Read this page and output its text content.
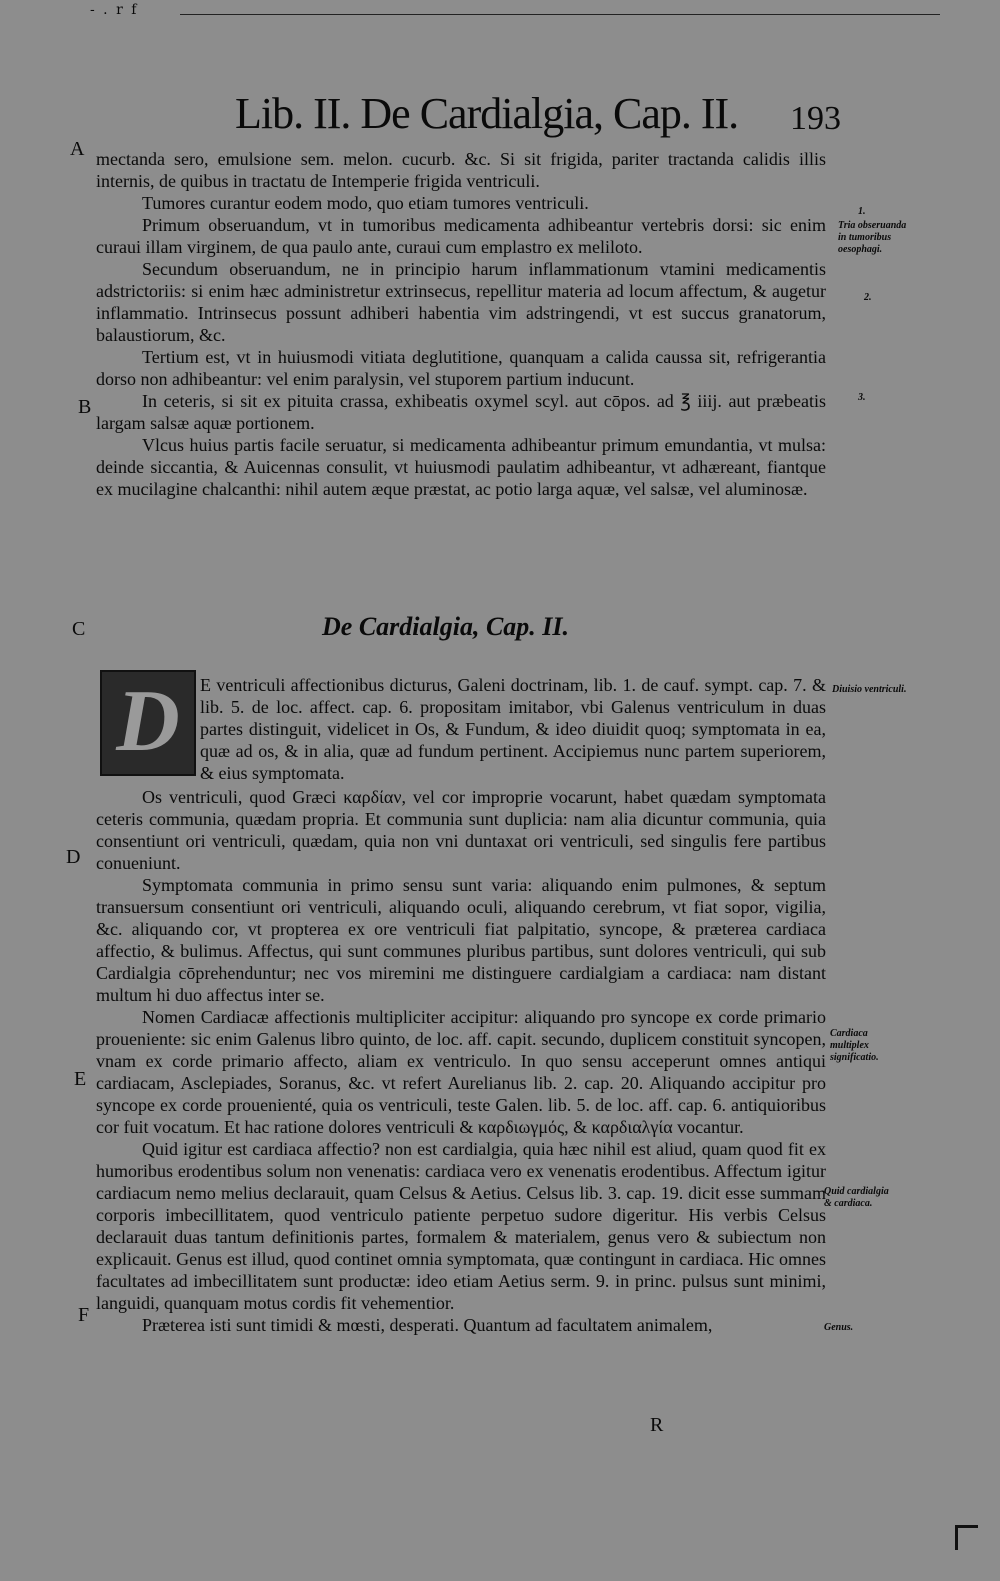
- . r f
Lib. II. De Cardialgia, Cap. II. 193
A
B
C
D
E
F
1.
Tria obseruanda in tumoribus oesophagi.
2.
3.
Diuisio ventriculi.
Cardiaca multiplex significatio.
Quid cardialgia & cardiaca.
Genus.

mectanda sero, emulsione sem. melon. cucurb. &c. Si sit frigida, pariter tractanda calidis illis internis, de quibus in tractatu de Intemperie frigida ventriculi.

Tumores curantur eodem modo, quo etiam tumores ventriculi.

Primum obseruandum, vt in tumoribus medicamenta adhibeantur vertebris dorsi: sic enim curaui illam virginem, de qua paulo ante, curaui cum emplastro ex meliloto.

Secundum obseruandum, ne in principio harum inflammationum vtamini medicamentis adstrictoriis: si enim hæc administretur extrinsecus, repellitur materia ad locum affectum, & augetur inflammatio. Intrinsecus possunt adhiberi habentia vim adstringendi, vt est succus granatorum, balaustiorum, &c.

Tertium est, vt in huiusmodi vitiata deglutitione, quanquam a calida caussa sit, refrigerantia dorso non adhibeantur: vel enim paralysin, vel stuporem partium inducunt.

In ceteris, si sit ex pituita crassa, exhibeatis oxymel scyl. aut cōpos. ad ℥ iiij. aut præbeatis largam salsæ aquæ portionem.

Vlcus huius partis facile seruatur, si medicamenta adhibeantur primum emundantia, vt mulsa: deinde siccantia, & Auicennas consulit, vt huiusmodi paulatim adhibeantur, vt adhæreant, fiantque ex mucilagine chalcanthi: nihil autem æque præstat, ac potio larga aquæ, vel salsæ, vel aluminosæ.

De Cardialgia, Cap. II.
D	E ventriculi affectionibus dicturus, Galeni doctrinam, lib. 1. de cauf. sympt. cap. 7. & lib. 5. de loc. affect. cap. 6. propositam imitabor, vbi Galenus ventriculum in duas partes distinguit, videlicet in Os, & Fundum, & ideo diuidit quoq; symptomata in ea, quæ ad os, & in alia, quæ ad fundum pertinent. Accipiemus nunc partem superiorem, & eius symptomata.

Os ventriculi, quod Græci καρδίαν, vel cor improprie vocarunt, habet quædam symptomata ceteris communia, quædam propria. Et communia sunt duplicia: nam alia dicuntur communia, quia consentiunt ori ventriculi, quædam, quia non vni duntaxat ori ventriculi, sed singulis fere partibus conueniunt.

Symptomata communia in primo sensu sunt varia: aliquando enim pulmones, & septum transuersum consentiunt ori ventriculi, aliquando oculi, aliquando cerebrum, vt fiat sopor, vigilia, &c. aliquando cor, vt propterea ex ore ventriculi fiat palpitatio, syncope, & præterea cardiaca affectio, & bulimus. Affectus, qui sunt communes pluribus partibus, sunt dolores ventriculi, qui sub Cardialgia cōprehenduntur; nec vos miremini me distinguere cardialgiam a cardiaca: nam distant multum hi duo affectus inter se.

Nomen Cardiacæ affectionis multipliciter accipitur: aliquando pro syncope ex corde primario proueniente: sic enim Galenus libro quinto, de loc. aff. capit. secundo, duplicem constituit syncopen, vnam ex corde primario affecto, aliam ex ventriculo. In quo sensu acceperunt omnes antiqui cardiacam, Asclepiades, Soranus, &c. vt refert Aurelianus lib. 2. cap. 20. Aliquando accipitur pro syncope ex corde prouenienté, quia os ventriculi, teste Galen. lib. 5. de loc. aff. cap. 6. antiquioribus cor fuit vocatum. Et hac ratione dolores ventriculi & καρδιωγμός, & καρδιαλγία vocantur.

Quid igitur est cardiaca affectio? non est cardialgia, quia hæc nihil est aliud, quam quod fit ex humoribus erodentibus solum non venenatis: cardiaca vero ex venenatis erodentibus. Affectum igitur cardiacum nemo melius declarauit, quam Celsus & Aetius. Celsus lib. 3. cap. 19. dicit esse summam corporis imbecillitatem, quod ventriculo patiente perpetuo sudore digeritur. His verbis Celsus declarauit duas tantum definitionis partes, formalem & materialem, genus vero & subiectum non explicauit. Genus est illud, quod continet omnia symptomata, quæ contingunt in cardiaca. Hic omnes facultates ad imbecillitatem sunt productæ: ideo etiam Aetius serm. 9. in princ. pulsus sunt minimi, languidi, quanquam motus cordis fit vehementior.

Præterea isti sunt timidi & mœsti, desperati. Quantum ad facultatem animalem,

R
